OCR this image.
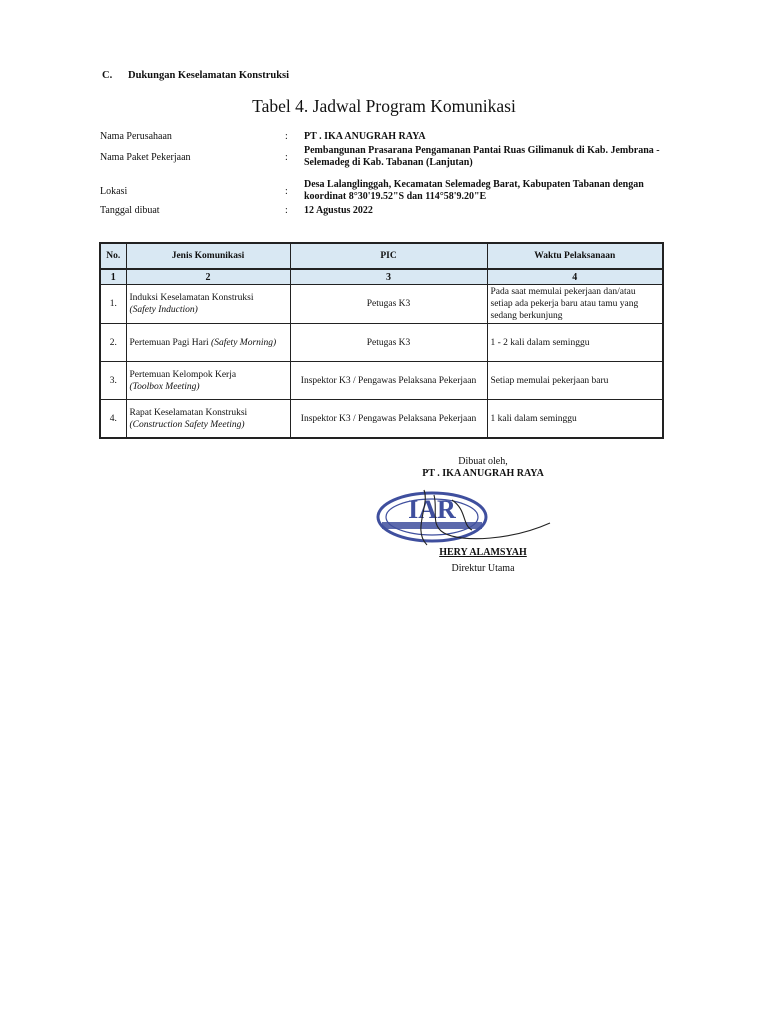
C. Dukungan Keselamatan Konstruksi
Tabel 4. Jadwal Program Komunikasi
Nama Perusahaan	:	PT . IKA ANUGRAH RAYA
Nama Paket Pekerjaan	:
Pembangunan Prasarana Pengamanan Pantai Ruas Gilimanuk di Kab. Jembrana - Selemadeg di Kab. Tabanan (Lanjutan)
Lokasi	:
Desa Lalanglinggah, Kecamatan Selemadeg Barat, Kabupaten Tabanan dengan koordinat 8°30'19.52"S dan 114°58'9.20"E
Tanggal dibuat	:	12 Agustus 2022
No.	Jenis Komunikasi	PIC	Waktu Pelaksanaan
1	2	3	4
1.	Induksi Keselamatan Konstruksi
(Safety Induction)	Petugas K3	Pada saat memulai pekerjaan dan/atau setiap ada pekerja baru atau tamu yang sedang berkunjung
2.	Pertemuan Pagi Hari (Safety Morning)	Petugas K3	1 - 2 kali dalam seminggu
3.	Pertemuan Kelompok Kerja
(Toolbox Meeting)	Inspektor K3 / Pengawas Pelaksana Pekerjaan	Setiap memulai pekerjaan baru
4.	Rapat Keselamatan Konstruksi
(Construction Safety Meeting)	Inspektor K3 / Pengawas Pelaksana Pekerjaan	1 kali dalam seminggu
Dibuat oleh,
PT . IKA ANUGRAH RAYA
IAR
HERY ALAMSYAH
Direktur Utama
